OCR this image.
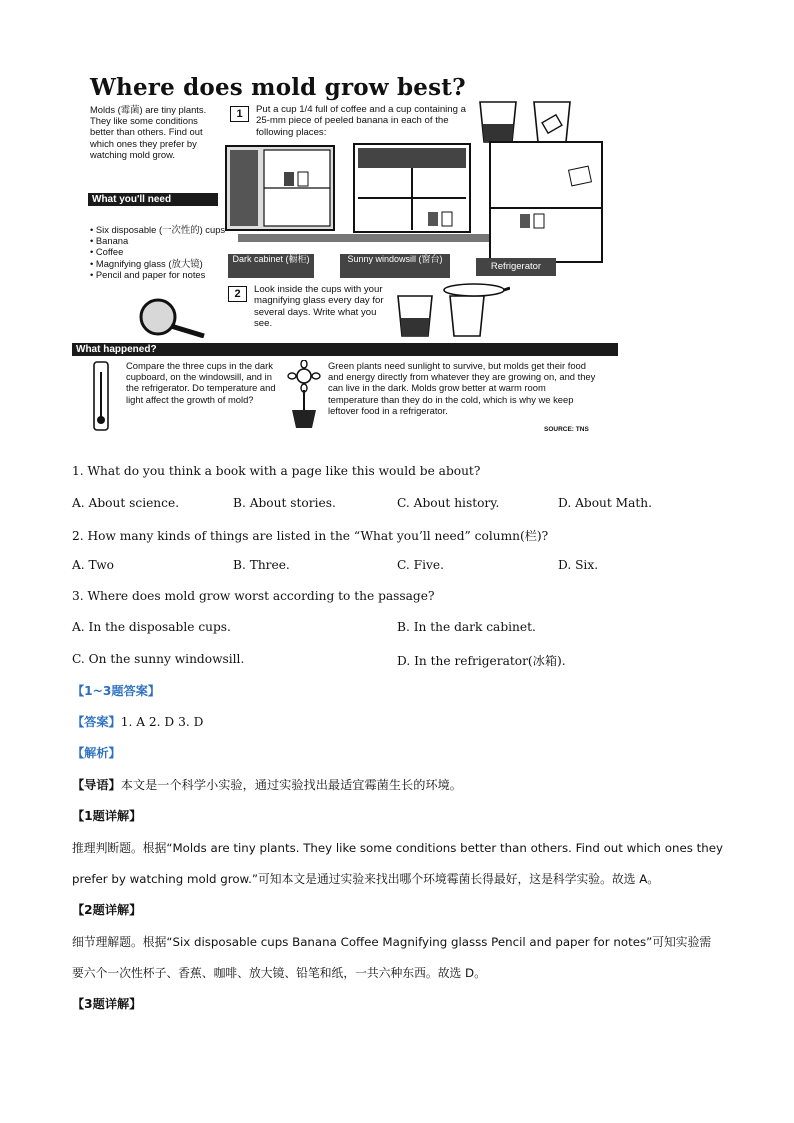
Where does mold grow best?
Molds (霉菌) are tiny plants. They like some conditions better than others. Find out which ones they prefer by watching mold grow.
What you'll need
• Six disposable (一次性的) cups
• Banana
• Coffee
• Magnifying glass (放大镜)
• Pencil and paper for notes
1	Put a cup 1/4 full of coffee and a cup containing a 25-mm piece of peeled banana in each of the following places:
Dark cabinet (橱柜)	Sunny windowsill (窗台)
Refrigerator
2	Look inside the cups with your magnifying glass every day for several days. Write what you see.
What happened?
Compare the three cups in the dark cupboard, on the windowsill, and in the refrigerator. Do temperature and light affect the growth of mold?
Green plants need sunlight to survive, but molds get their food and energy directly from whatever they are growing on, and they can live in the dark. Molds grow better at warm room temperature than they do in the cold, which is why we keep leftover food in a refrigerator.
SOURCE: TNS
1. What do you think a book with a page like this would be about?
A. About science.	B. About stories.	C. About history.	D. About Math.
2. How many kinds of things are listed in the “What you’ll need” column(栏)?
A. Two	B. Three.	C. Five.	D. Six.
3. Where does mold grow worst according to the passage?
A. In the disposable cups.	B. In the dark cabinet.
C. On the sunny windowsill.	D. In the refrigerator(冰箱).
【1~3题答案】
【答案】1. A 2. D 3. D
【解析】
【导语】本文是一个科学小实验，通过实验找出最适宜霉菌生长的环境。
【1题详解】
推理判断题。根据“Molds are tiny plants. They like some conditions better than others. Find out which ones they
prefer by watching mold grow.”可知本文是通过实验来找出哪个环境霉菌长得最好，这是科学实验。故选 A。
【2题详解】
细节理解题。根据“Six disposable cups Banana Coffee Magnifying glasss Pencil and paper for notes”可知实验需
要六个一次性杯子、香蕉、咖啡、放大镜、铅笔和纸，一共六种东西。故选 D。
【3题详解】
